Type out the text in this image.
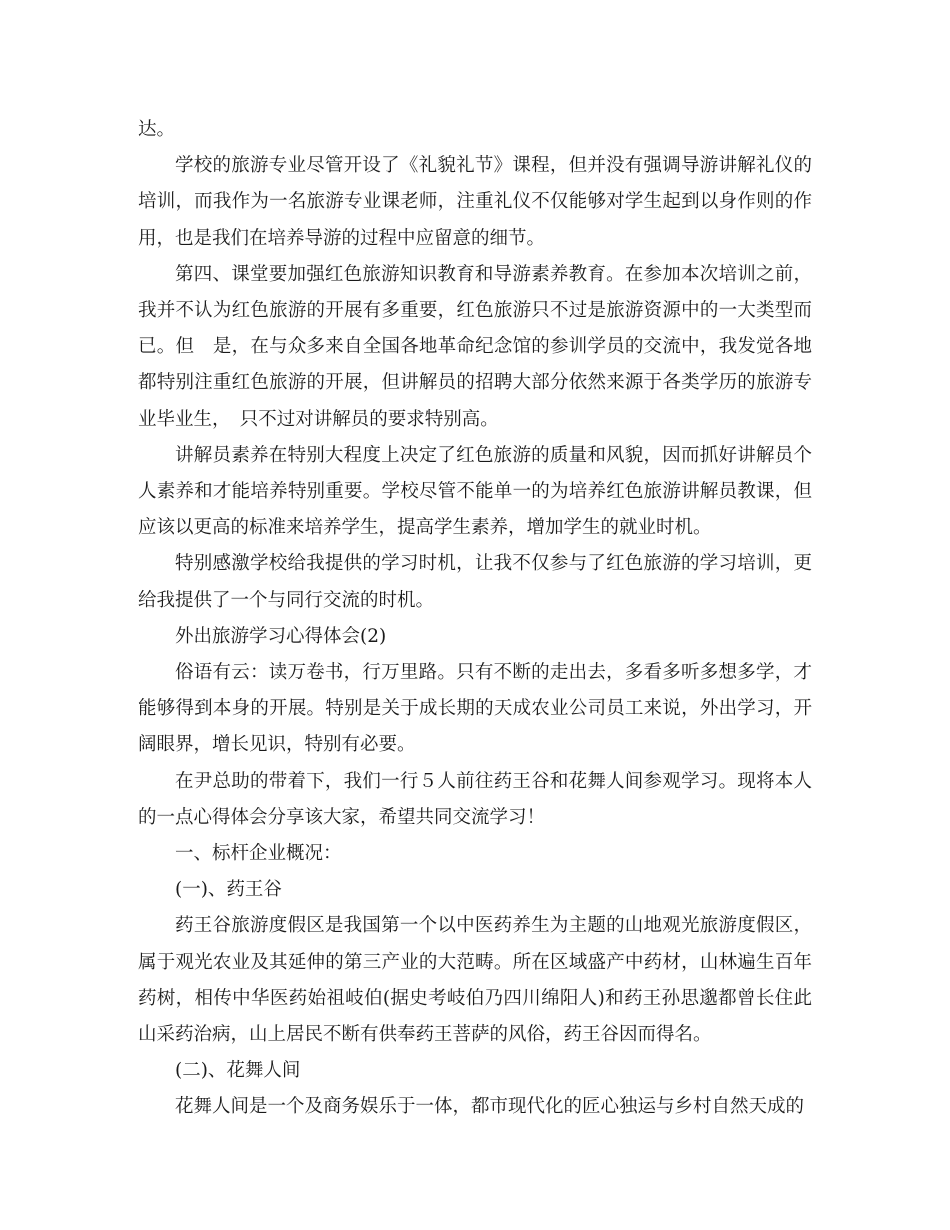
达。

学校的旅游专业尽管开设了《礼貌礼节》课程，但并没有强调导游讲解礼仪的培训，而我作为一名旅游专业课老师，注重礼仪不仅能够对学生起到以身作则的作用，也是我们在培养导游的过程中应留意的细节。

第四、课堂要加强红色旅游知识教育和导游素养教育。在参加本次培训之前，我并不认为红色旅游的开展有多重要，红色旅游只不过是旅游资源中的一大类型而已。但　是，在与众多来自全国各地革命纪念馆的参训学员的交流中，我发觉各地都特别注重红色旅游的开展，但讲解员的招聘大部分依然来源于各类学历的旅游专业毕业生，　只不过对讲解员的要求特别高。

讲解员素养在特别大程度上决定了红色旅游的质量和风貌，因而抓好讲解员个人素养和才能培养特别重要。学校尽管不能单一的为培养红色旅游讲解员教课，但应该以更高的标准来培养学生，提高学生素养，增加学生的就业时机。

特别感激学校给我提供的学习时机，让我不仅参与了红色旅游的学习培训，更给我提供了一个与同行交流的时机。

外出旅游学习心得体会(2)

俗语有云：读万卷书，行万里路。只有不断的走出去，多看多听多想多学，才能够得到本身的开展。特别是关于成长期的天成农业公司员工来说，外出学习，开阔眼界，增长见识，特别有必要。

在尹总助的带着下，我们一行５人前往药王谷和花舞人间参观学习。现将本人的一点心得体会分享该大家，希望共同交流学习！

一、标杆企业概况：

(一)、药王谷

药王谷旅游度假区是我国第一个以中医药养生为主题的山地观光旅游度假区，属于观光农业及其延伸的第三产业的大范畴。所在区域盛产中药材，山林遍生百年药树，相传中华医药始祖岐伯(据史考岐伯乃四川绵阳人)和药王孙思邈都曾长住此山采药治病，山上居民不断有供奉药王菩萨的风俗，药王谷因而得名。

(二)、花舞人间

花舞人间是一个及商务娱乐于一体，都市现代化的匠心独运与乡村自然天成的
